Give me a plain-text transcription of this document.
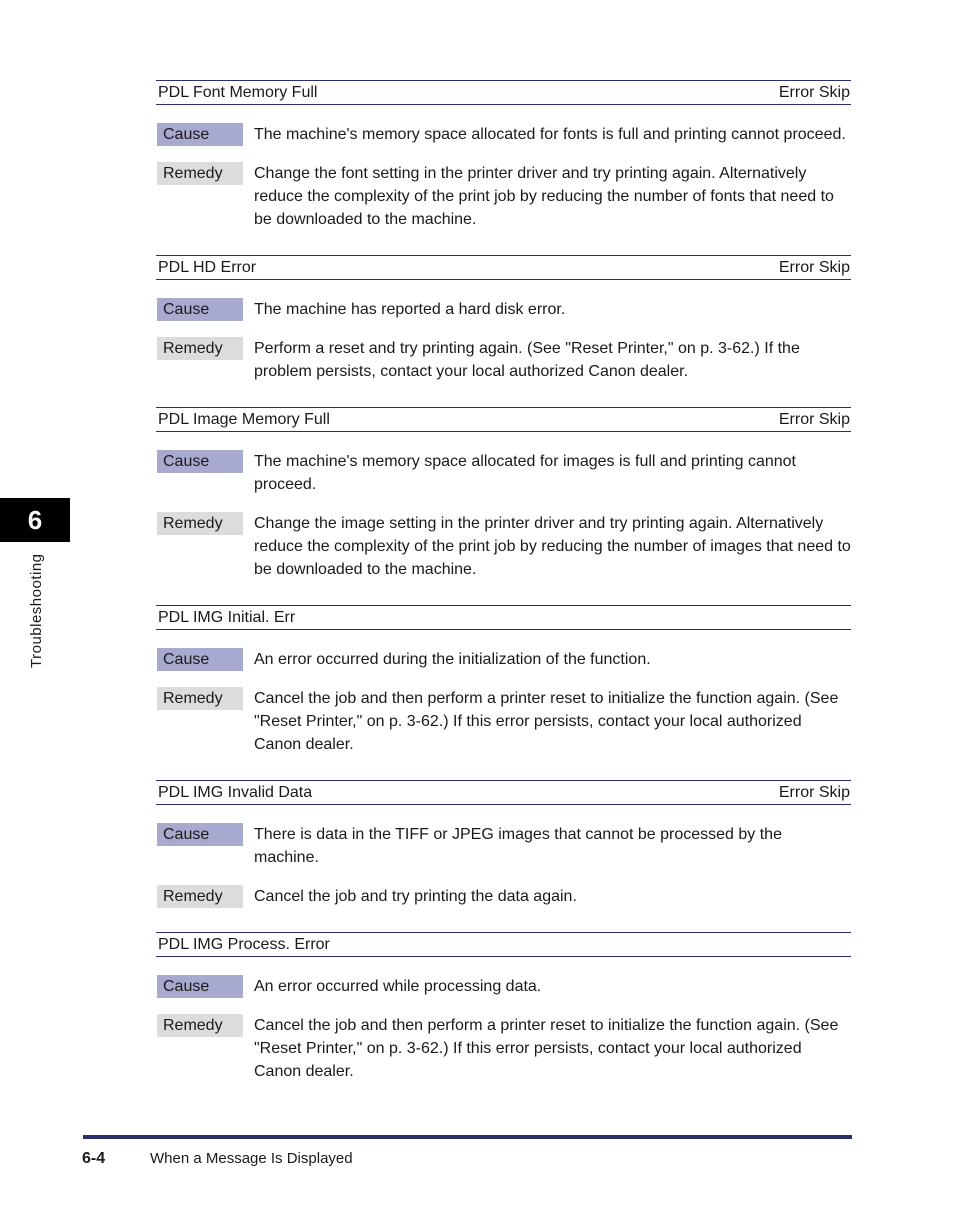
6
Troubleshooting
PDL Font Memory Full	Error Skip
Cause	The machine's memory space allocated for fonts is full and printing cannot proceed.
Remedy	Change the font setting in the printer driver and try printing again. Alternatively reduce the complexity of the print job by reducing the number of fonts that need to be downloaded to the machine.
PDL HD Error	Error Skip
Cause	The machine has reported a hard disk error.
Remedy	Perform a reset and try printing again. (See "Reset Printer," on p. 3-62.) If the problem persists, contact your local authorized Canon dealer.
PDL Image Memory Full	Error Skip
Cause	The machine's memory space allocated for images is full and printing cannot proceed.
Remedy	Change the image setting in the printer driver and try printing again. Alternatively reduce the complexity of the print job by reducing the number of images that need to be downloaded to the machine.
PDL IMG Initial. Err
Cause	An error occurred during the initialization of the function.
Remedy	Cancel the job and then perform a printer reset to initialize the function again. (See "Reset Printer," on p. 3-62.) If this error persists, contact your local authorized Canon dealer.
PDL IMG Invalid Data	Error Skip
Cause	There is data in the TIFF or JPEG images that cannot be processed by the machine.
Remedy	Cancel the job and try printing the data again.
PDL IMG Process. Error
Cause	An error occurred while processing data.
Remedy	Cancel the job and then perform a printer reset to initialize the function again. (See "Reset Printer," on p. 3-62.) If this error persists, contact your local authorized Canon dealer.
6-4	When a Message Is Displayed
